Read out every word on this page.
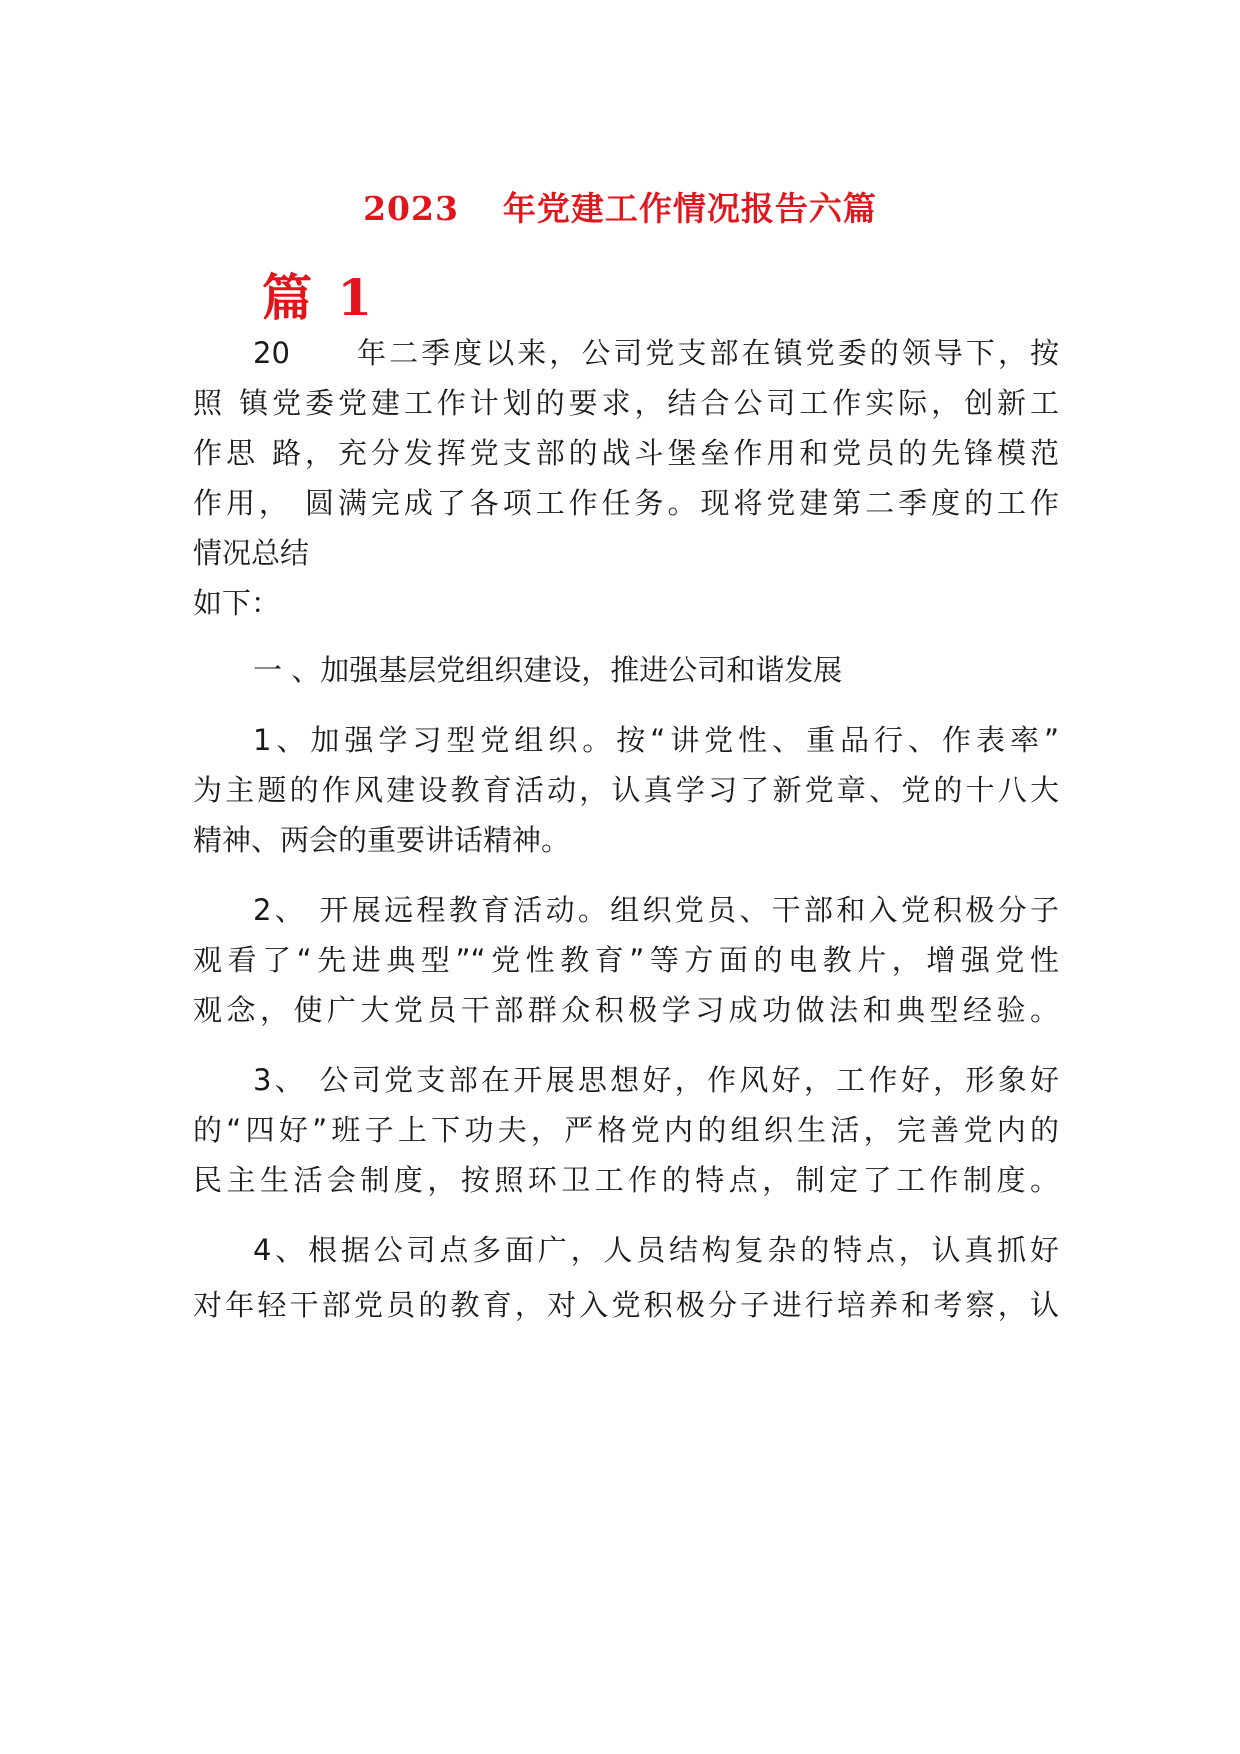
2023 年党建工作情况报告六篇
篇 1
20　　年二季度以来，公司党支部在镇党委的领导下，按
照 镇党委党建工作计划的要求，结合公司工作实际，创新工
作思 路，充分发挥党支部的战斗堡垒作用和党员的先锋模范
作用， 圆满完成了各项工作任务。现将党建第二季度的工作
情况总结
如下：
一 、加强基层党组织建设，推进公司和谐发展
1、加强学习型党组织。按“讲党性、重品行、作表率”
为主题的作风建设教育活动，认真学习了新党章、党的十八大
精神、两会的重要讲话精神。
2、 开展远程教育活动。组织党员、干部和入党积极分子
观看了“先进典型”“党性教育”等方面的电教片，增强党性
观念，使广大党员干部群众积极学习成功做法和典型经验。
3、 公司党支部在开展思想好，作风好，工作好，形象好
的“四好”班子上下功夫，严格党内的组织生活，完善党内的
民主生活会制度，按照环卫工作的特点，制定了工作制度。
4、根据公司点多面广，人员结构复杂的特点，认真抓好
对年轻干部党员的教育，对入党积极分子进行培养和考察，认
